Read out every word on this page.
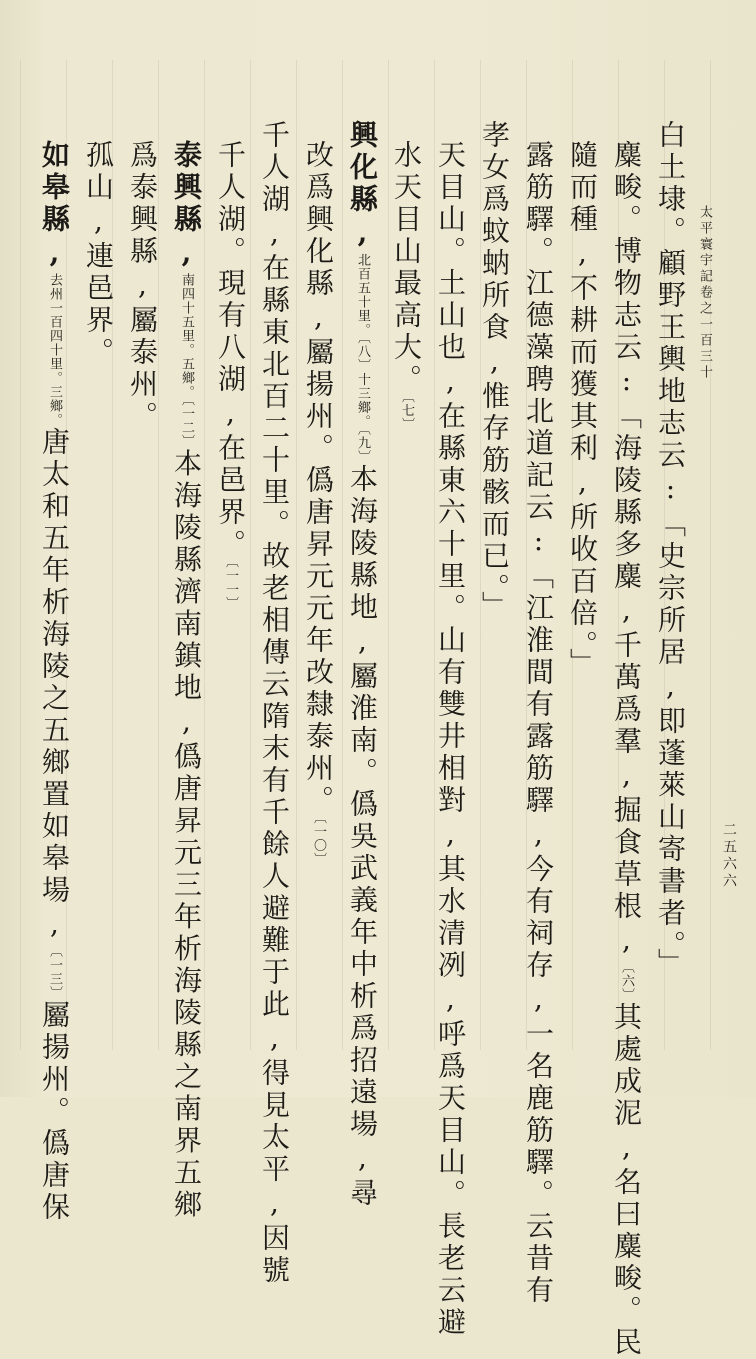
太平寰宇記卷之一百三十
白土埭。顧野王輿地志云:「史宗所居,即蓬萊山寄書者。」
麋畯。博物志云:「海陵縣多麋,千萬爲羣,掘食草根,〔六〕其處成泥,名曰麋畯。民
隨而種,不耕而獲其利,所收百倍。」
露筋驛。江德藻聘北道記云:「江淮間有露筋驛,今有祠存,一名鹿筋驛。云昔有
孝女爲蚊蚋所食,惟存筋骸而已。」
天目山。土山也,在縣東六十里。山有雙井相對,其水清冽,呼爲天目山。長老云避
水天目山最高大。〔七〕
興化縣,北百五十里。〔八〕十三鄉。〔九〕本海陵縣地,屬淮南。僞吳武義年中析爲招遠場,尋
改爲興化縣,屬揚州。僞唐昇元元年改隸泰州。〔一〇〕
千人湖,在縣東北百二十里。故老相傳云隋末有千餘人避難于此,得見太平,因號
千人湖。現有八湖,在邑界。〔一一〕
泰興縣,南四十五里。五鄉。〔一二〕本海陵縣濟南鎮地,僞唐昇元三年析海陵縣之南界五鄉
爲泰興縣,屬泰州。
孤山,連邑界。
二五六六
如皋縣,去州一百四十里。三鄉。唐太和五年析海陵之五鄉置如皋場,〔一三〕屬揚州。僞唐保
